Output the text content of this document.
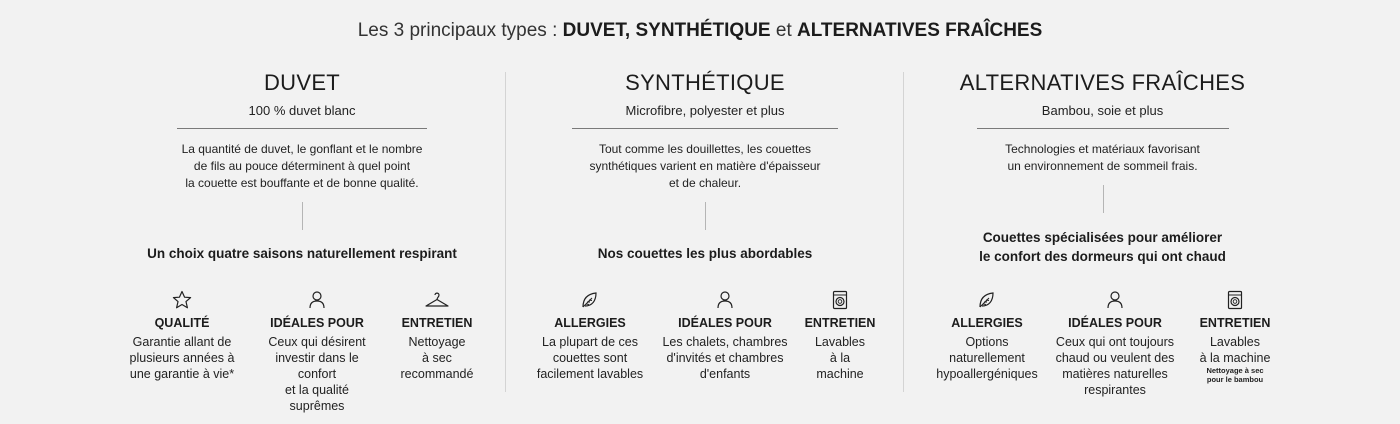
Les 3 principaux types : DUVET, SYNTHÉTIQUE et ALTERNATIVES FRAÎCHES
DUVET
100 % duvet blanc
La quantité de duvet, le gonflant et le nombre
de fils au pouce déterminent à quel point
la couette est bouffante et de bonne qualité.
Un choix quatre saisons naturellement respirant
QUALITÉ
Garantie allant de
plusieurs années à
une garantie à vie*
IDÉALES POUR
Ceux qui désirent
investir dans le confort
et la qualité suprêmes
ENTRETIEN
Nettoyage
à sec
recommandé
SYNTHÉTIQUE
Microfibre, polyester et plus
Tout comme les douillettes, les couettes
synthétiques varient en matière d'épaisseur
et de chaleur.
Nos couettes les plus abordables
ALLERGIES
La plupart de ces
couettes sont
facilement lavables
IDÉALES POUR
Les chalets, chambres
d'invités et chambres
d'enfants
ENTRETIEN
Lavables
à la
machine
ALTERNATIVES FRAÎCHES
Bambou, soie et plus
Technologies et matériaux favorisant
un environnement de sommeil frais.
Couettes spécialisées pour améliorer
le confort des dormeurs qui ont chaud
ALLERGIES
Options
naturellement
hypoallergéniques
IDÉALES POUR
Ceux qui ont toujours
chaud ou veulent des
matières naturelles
respirantes
ENTRETIEN
Lavables
à la machine
Nettoyage à sec
pour le bambou
